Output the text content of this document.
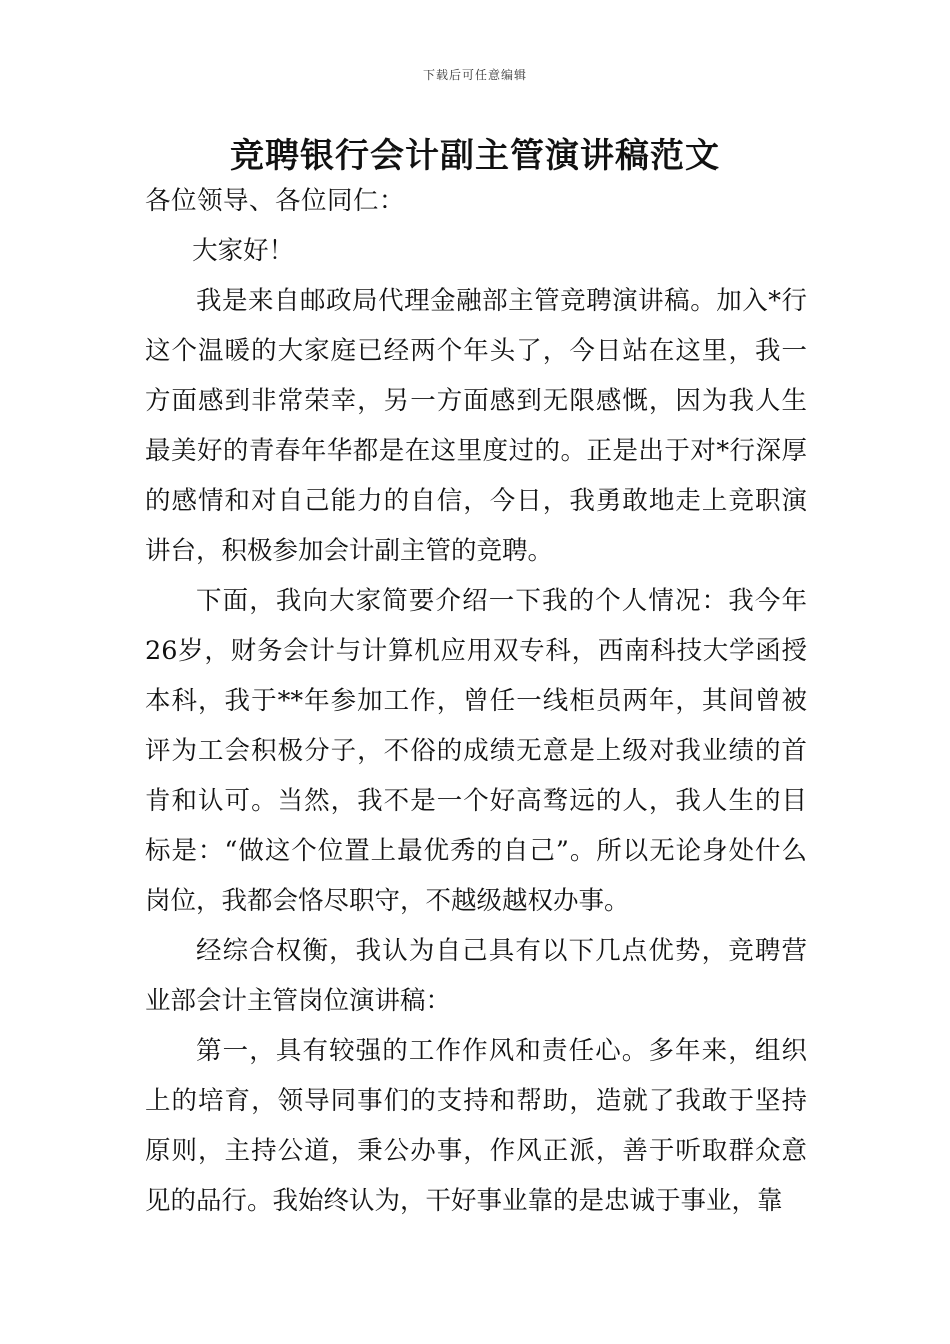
下载后可任意编辑
竞聘银行会计副主管演讲稿范文

各位领导、各位同仁：

大家好！

我是来自邮政局代理金融部主管竞聘演讲稿。加入*行这个温暖的大家庭已经两个年头了，今日站在这里，我一方面感到非常荣幸，另一方面感到无限感慨，因为我人生最美好的青春年华都是在这里度过的。正是出于对*行深厚的感情和对自己能力的自信，今日，我勇敢地走上竞职演讲台，积极参加会计副主管的竞聘。

下面，我向大家简要介绍一下我的个人情况：我今年26岁，财务会计与计算机应用双专科，西南科技大学函授本科，我于**年参加工作，曾任一线柜员两年，其间曾被评为工会积极分子，不俗的成绩无意是上级对我业绩的首肯和认可。当然，我不是一个好高骛远的人，我人生的目标是：“做这个位置上最优秀的自己”。所以无论身处什么岗位，我都会恪尽职守，不越级越权办事。

经综合权衡，我认为自己具有以下几点优势，竞聘营业部会计主管岗位演讲稿：

第一，具有较强的工作作风和责任心。多年来，组织上的培育，领导同事们的支持和帮助，造就了我敢于坚持原则，主持公道，秉公办事，作风正派，善于听取群众意见的品行。我始终认为，干好事业靠的是忠诚于事业，靠
